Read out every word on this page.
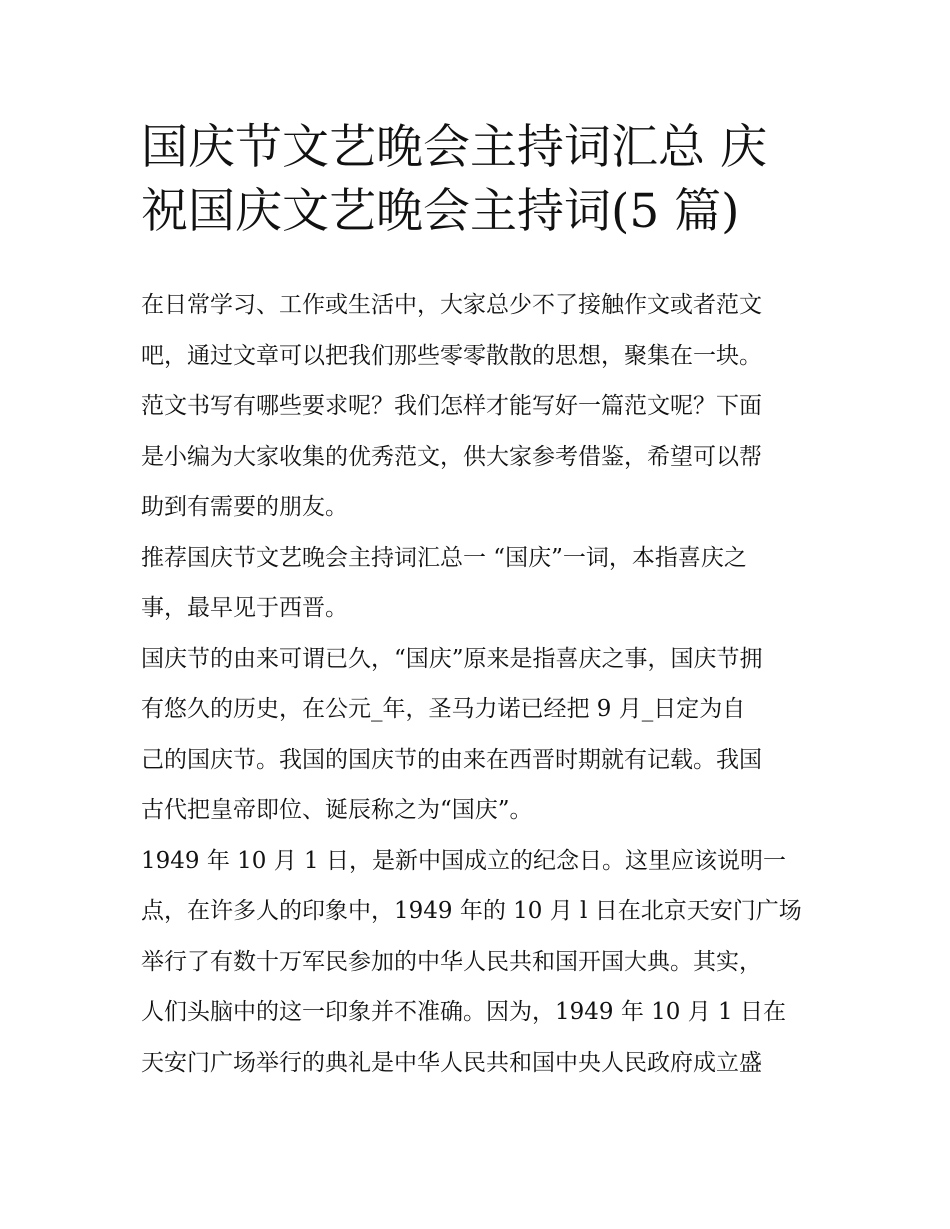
国庆节文艺晚会主持词汇总 庆
祝国庆文艺晚会主持词(5 篇)

在日常学习、工作或生活中，大家总少不了接触作文或者范文

吧，通过文章可以把我们那些零零散散的思想，聚集在一块。

范文书写有哪些要求呢？我们怎样才能写好一篇范文呢？下面

是小编为大家收集的优秀范文，供大家参考借鉴，希望可以帮

助到有需要的朋友。

推荐国庆节文艺晚会主持词汇总一 “国庆”一词，本指喜庆之

事，最早见于西晋。

国庆节的由来可谓已久，“国庆”原来是指喜庆之事，国庆节拥

有悠久的历史，在公元_年，圣马力诺已经把 9 月_日定为自

己的国庆节。我国的国庆节的由来在西晋时期就有记载。我国

古代把皇帝即位、诞辰称之为“国庆”。

1949 年 10 月 1 日，是新中国成立的纪念日。这里应该说明一

点，在许多人的印象中，1949 年的 10 月 l 日在北京天安门广场

举行了有数十万军民参加的中华人民共和国开国大典。其实，

人们头脑中的这一印象并不准确。因为，1949 年 10 月 1 日在

天安门广场举行的典礼是中华人民共和国中央人民政府成立盛
